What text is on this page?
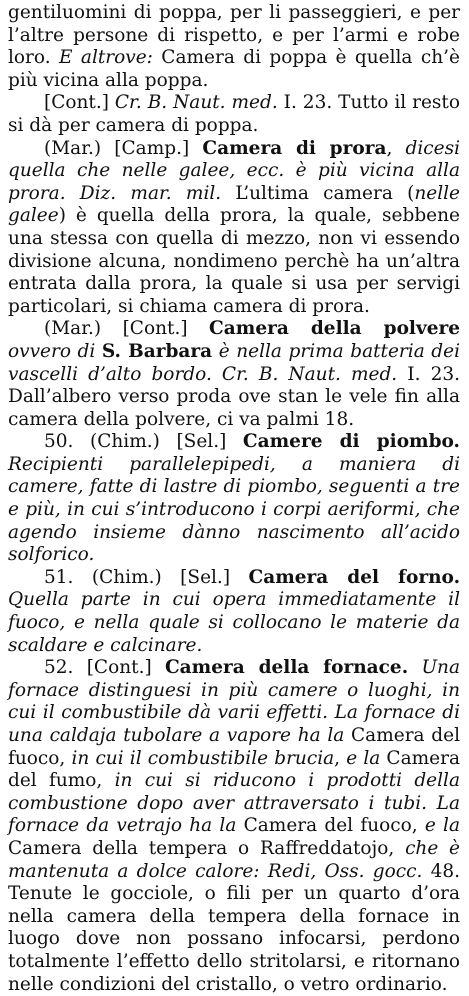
gentiluomini di poppa, per li passeggieri, e per l’altre persone di rispetto, e per l’armi e robe loro. E altrove: Camera di poppa è quella ch’è più vicina alla poppa.

[Cont.] Cr. B. Naut. med. I. 23. Tutto il resto si dà per camera di poppa.

(Mar.) [Camp.] Camera di prora, dicesi quella che nelle galee, ecc. è più vicina alla prora. Diz. mar. mil. L’ultima camera (nelle galee) è quella della prora, la quale, sebbene una stessa con quella di mezzo, non vi essendo divisione alcuna, nondimeno perchè ha un’altra entrata dalla prora, la quale si usa per servigi particolari, si chiama camera di prora.

(Mar.) [Cont.] Camera della polvere ovvero di S. Barbara è nella prima batteria dei vascelli d’alto bordo. Cr. B. Naut. med. I. 23. Dall’albero verso proda ove stan le vele fin alla camera della polvere, ci va palmi 18.

50. (Chim.) [Sel.] Camere di piombo. Recipienti parallelepipedi, a maniera di camere, fatte di lastre di piombo, seguenti a tre e più, in cui s’introducono i corpi aeriformi, che agendo insieme dànno nascimento all’acido solforico.

51. (Chim.) [Sel.] Camera del forno. Quella parte in cui opera immediatamente il fuoco, e nella quale si collocano le materie da scaldare e calcinare.

52. [Cont.] Camera della fornace. Una fornace distinguesi in più camere o luoghi, in cui il combustibile dà varii effetti. La fornace di una caldaja tubolare a vapore ha la Camera del fuoco, in cui il combustibile brucia, e la Camera del fumo, in cui si riducono i prodotti della combustione dopo aver attraversato i tubi. La fornace da vetrajo ha la Camera del fuoco, e la Camera della tempera o Raffreddatojo, che è mantenuta a dolce calore: Redi, Oss. gocc. 48. Tenute le gocciole, o fili per un quarto d’ora nella camera della tempera della fornace in luogo dove non possano infocarsi, perdono totalmente l’effetto dello stritolarsi, e ritornano nelle condizioni del cristallo, o vetro ordinario.
